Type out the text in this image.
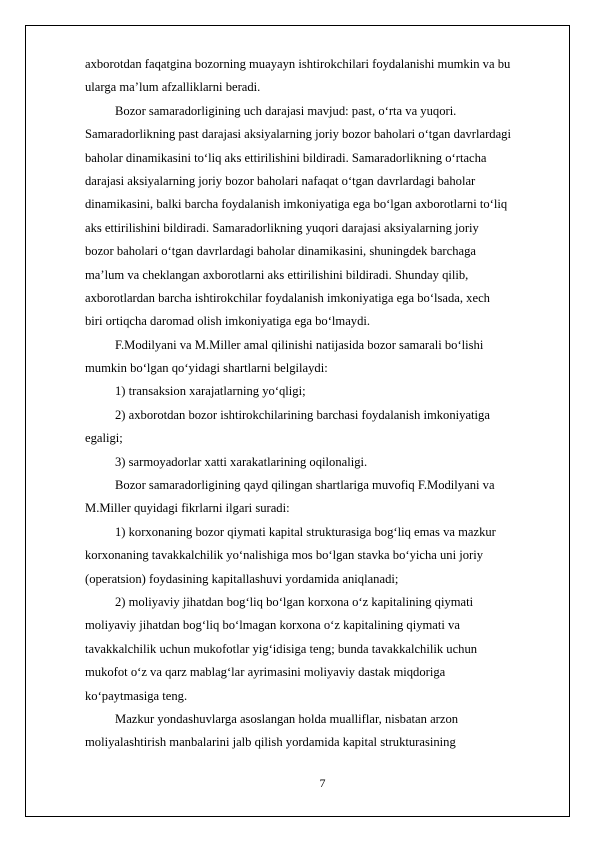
axborotdan faqatgina bozorning muayayn ishtirokchilari foydalanishi mumkin va bu
ularga ma’lum afzalliklarni beradi.
Bozor samaradorligining uch darajasi mavjud: past, o‘rta va yuqori.
Samaradorlikning past darajasi aksiyalarning joriy bozor baholari o‘tgan davrlardagi
baholar dinamikasini to‘liq aks ettirilishini bildiradi. Samaradorlikning o‘rtacha
darajasi aksiyalarning joriy bozor baholari nafaqat o‘tgan davrlardagi baholar
dinamikasini, balki barcha foydalanish imkoniyatiga ega bo‘lgan axborotlarni to‘liq
aks ettirilishini bildiradi. Samaradorlikning yuqori darajasi aksiyalarning joriy
bozor baholari o‘tgan davrlardagi baholar dinamikasini, shuningdek barchaga
ma’lum va cheklangan axborotlarni aks ettirilishini bildiradi. Shunday qilib,
axborotlardan barcha ishtirokchilar foydalanish imkoniyatiga ega bo‘lsada, xech
biri ortiqcha daromad olish imkoniyatiga ega bo‘lmaydi.
F.Modilyani va M.Miller amal qilinishi natijasida bozor samarali bo‘lishi
mumkin bo‘lgan qo‘yidagi shartlarni belgilaydi:
1) transaksion xarajatlarning yo‘qligi;
2) axborotdan bozor ishtirokchilarining barchasi foydalanish imkoniyatiga
egaligi;
3) sarmoyadorlar xatti xarakatlarining oqilonaligi.
Bozor samaradorligining qayd qilingan shartlariga muvofiq F.Modilyani va
M.Miller quyidagi fikrlarni ilgari suradi:
1) korxonaning bozor qiymati kapital strukturasiga bog‘liq emas va mazkur
korxonaning tavakkalchilik yo‘nalishiga mos bo‘lgan stavka bo‘yicha uni joriy
(operatsion) foydasining kapitallashuvi yordamida aniqlanadi;
2) moliyaviy jihatdan bog‘liq bo‘lgan korxona o‘z kapitalining qiymati
moliyaviy jihatdan bog‘liq bo‘lmagan korxona o‘z kapitalining qiymati va
tavakkalchilik uchun mukofotlar yig‘idisiga teng; bunda tavakkalchilik uchun
mukofot o‘z va qarz mablag‘lar ayrimasini moliyaviy dastak miqdoriga
ko‘paytmasiga teng.
Mazkur yondashuvlarga asoslangan holda mualliflar, nisbatan arzon
moliyalashtirish manbalarini jalb qilish yordamida kapital strukturasining
7
